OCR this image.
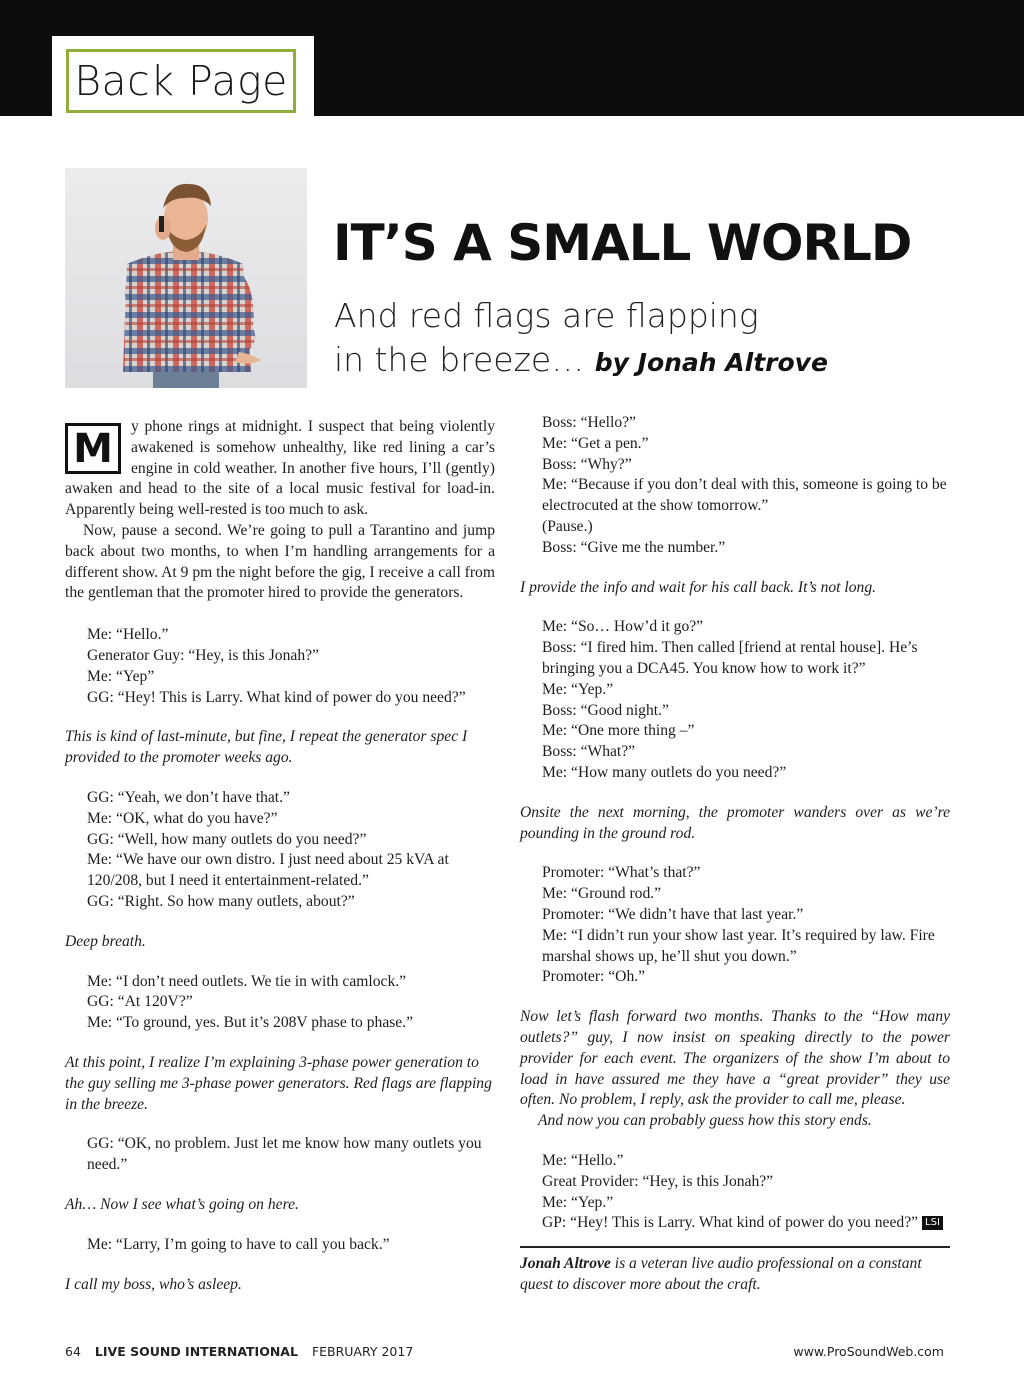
Back Page
IT’S A SMALL WORLD
And red flags are flapping
in the breeze… by Jonah Altrove

M	y phone rings at midnight. I suspect that being violently awakened is somehow unhealthy, like red lining a car’s engine in cold weather. In another five hours, I’ll (gently) awaken and head to the site of a local music festival for load-in. Apparently being well-rested is too much to ask.

Now, pause a second. We’re going to pull a Tarantino and jump back about two months, to when I’m handling arrangements for a different show. At 9 pm the night before the gig, I receive a call from the gentleman that the promoter hired to provide the generators.

Me: “Hello.”
Generator Guy: “Hey, is this Jonah?”
Me: “Yep”
GG: “Hey! This is Larry. What kind of power do you need?”

This is kind of last-minute, but fine, I repeat the generator spec I provided to the promoter weeks ago.

GG: “Yeah, we don’t have that.”
Me: “OK, what do you have?”
GG: “Well, how many outlets do you need?”
Me: “We have our own distro. I just need about 25 kVA at 120/208, but I need it entertainment-related.”
GG: “Right. So how many outlets, about?”

Deep breath.

Me: “I don’t need outlets. We tie in with camlock.”
GG: “At 120V?”
Me: “To ground, yes. But it’s 208V phase to phase.”

At this point, I realize I’m explaining 3-phase power generation to the guy selling me 3-phase power generators. Red flags are flapping in the breeze.

GG: “OK, no problem. Just let me know how many outlets you need.”

Ah… Now I see what’s going on here.

Me: “Larry, I’m going to have to call you back.”

I call my boss, who’s asleep.

Boss: “Hello?”
Me: “Get a pen.”
Boss: “Why?”
Me: “Because if you don’t deal with this, someone is going to be electrocuted at the show tomorrow.”
(Pause.)
Boss: “Give me the number.”

I provide the info and wait for his call back. It’s not long.

Me: “So… How’d it go?”
Boss: “I fired him. Then called [friend at rental house]. He’s bringing you a DCA45. You know how to work it?”
Me: “Yep.”
Boss: “Good night.”
Me: “One more thing –”
Boss: “What?”
Me: “How many outlets do you need?”

Onsite the next morning, the promoter wanders over as we’re pounding in the ground rod.

Promoter: “What’s that?”
Me: “Ground rod.”
Promoter: “We didn’t have that last year.”
Me: “I didn’t run your show last year. It’s required by law. Fire marshal shows up, he’ll shut you down.”
Promoter: “Oh.”

Now let’s flash forward two months. Thanks to the “How many outlets?” guy, I now insist on speaking directly to the power provider for each event. The organizers of the show I’m about to load in have assured me they have a “great provider” they use often. No problem, I reply, ask the provider to call me, please.

And now you can probably guess how this story ends.

Me: “Hello.”
Great Provider: “Hey, is this Jonah?”
Me: “Yep.”
GP: “Hey! This is Larry. What kind of power do you need?” LSI

Jonah Altrove is a veteran live audio professional on a constant quest to discover more about the craft.

64 LIVE SOUND INTERNATIONAL FEBRUARY 2017	www.ProSoundWeb.com
